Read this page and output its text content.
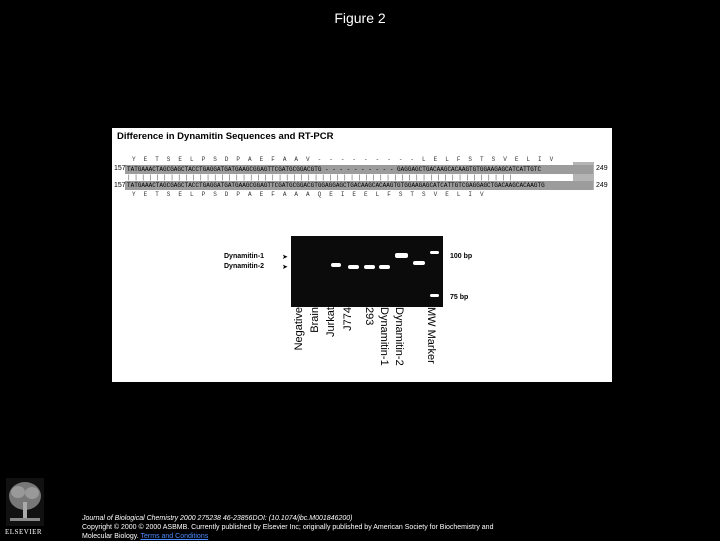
Figure 2
Difference in Dynamitin Sequences and RT-PCR
Y E T S E L P S D P A E F A A V - - - - - - - - - L E L F S T S V E L I V
157 TATGAAACTAGCGAGCTACCTGAGGATGATGAAGCGGAGTTCGATGCGGACGTG - - - - - - - - - - GAGGAGCTGACAAGCACAAGTGTGGAAGAGCATCATTGTC	249
| | | | | | | | | | | | | | | | | | | | | | | | | | | | | | | | | | | | | | | | | | | | | | | | | | | | | |
157 TATGAAACTAGCGAGCTACCTGAGGATGATGAAGCGGAGTTCGATGCGGACGTGGAGGAGCTGACAAGCACAAGTGTGGAAGAGCATCATTGTCGAGGAGCTGACAAGCACAAGTG	249
Y E T S E L P S D P A E F A A A Q E I E E L F S T S V E L I V
Dynamitin-1	➤
Dynamitin-2	➤
100 bp
75 bp
Negative Brain Jurkat J774 293 Dynamitin-1 Dynamitin-2 MW Marker
ELSEVIER
Journal of Biological Chemistry 2000 275238 46-23856DOI: (10.1074/jbc.M001846200)
Copyright © 2000 © 2000 ASBMB. Currently published by Elsevier Inc; originally published by American Society for Biochemistry and Molecular Biology. Terms and Conditions
